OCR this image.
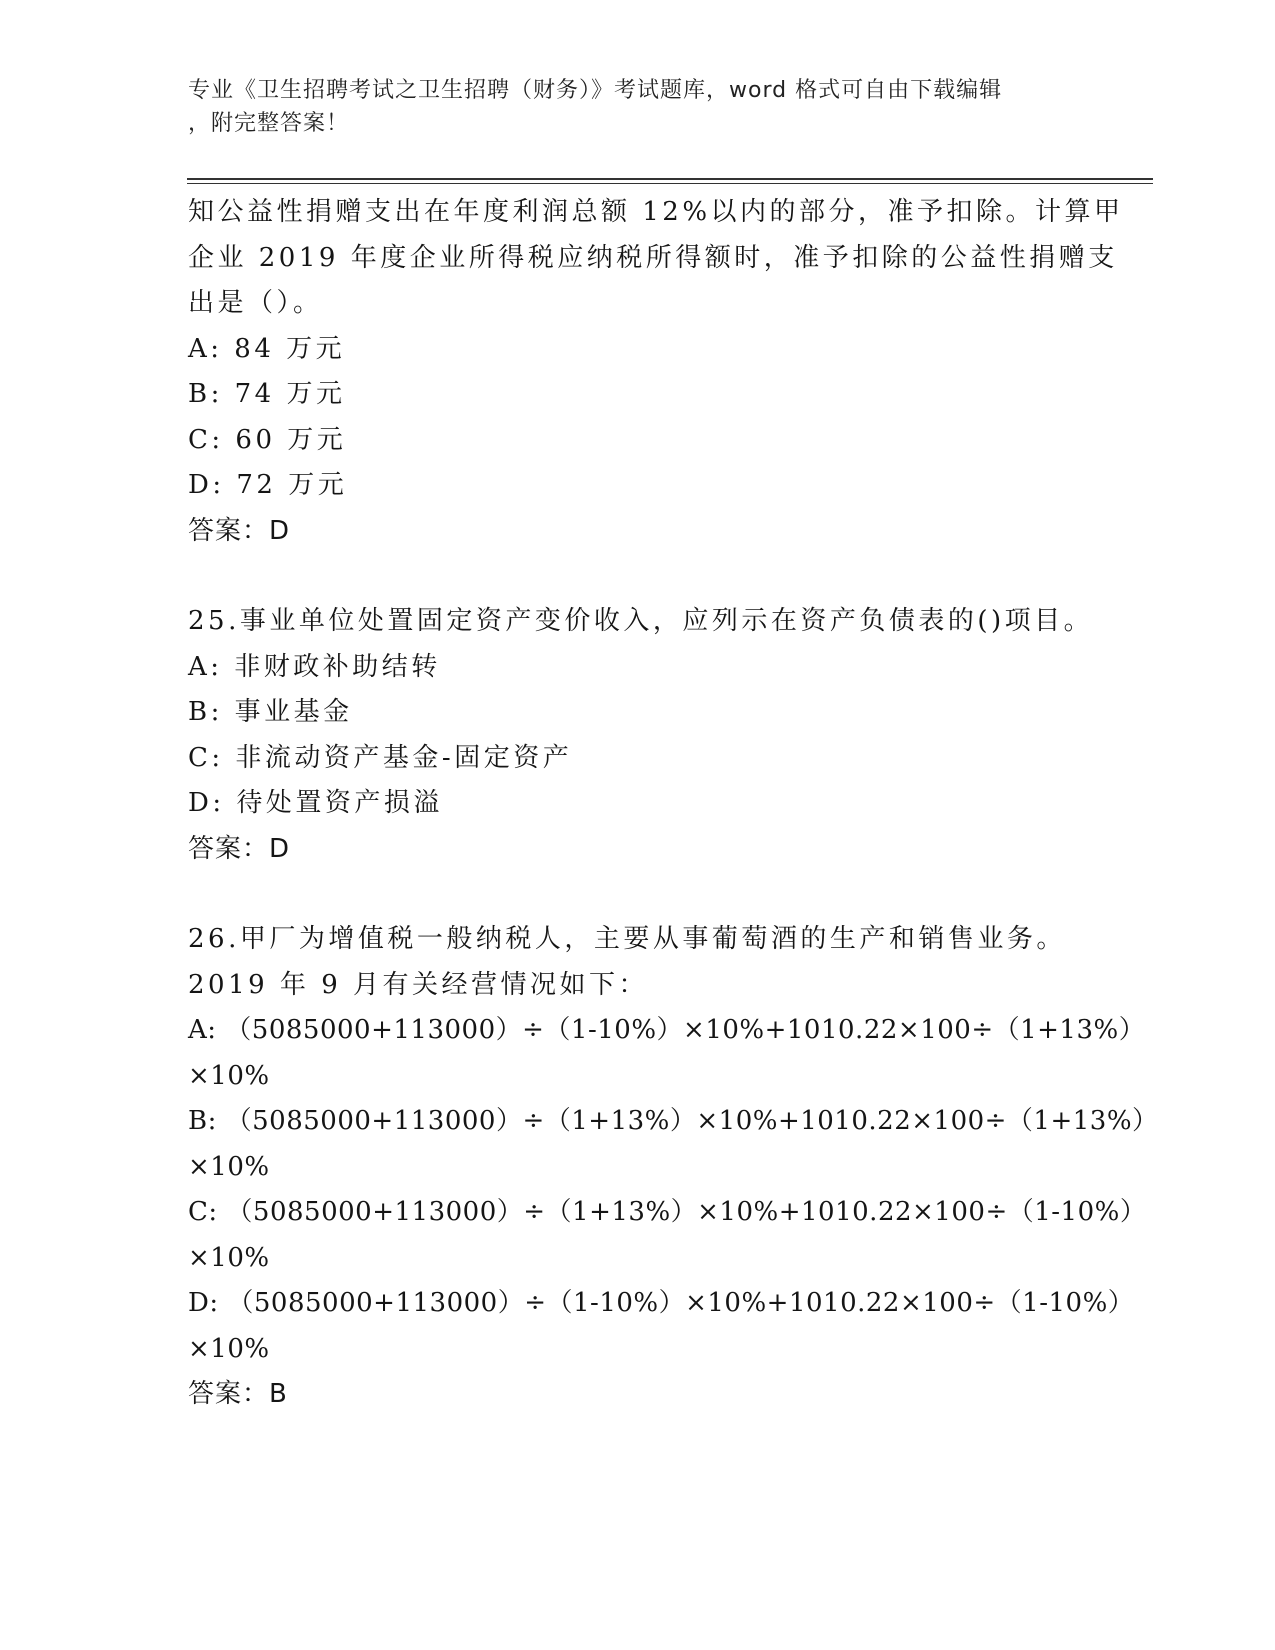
专业《卫生招聘考试之卫生招聘（财务）》考试题库，word 格式可自由下载编辑
，附完整答案！
知公益性捐赠支出在年度利润总额 12%以内的部分，准予扣除。计算甲
企业 2019 年度企业所得税应纳税所得额时，准予扣除的公益性捐赠支
出是（）。
A: 84 万元
B: 74 万元
C: 60 万元
D: 72 万元
答案：D
25.事业单位处置固定资产变价收入，应列示在资产负债表的()项目。
A: 非财政补助结转
B: 事业基金
C: 非流动资产基金-固定资产
D: 待处置资产损溢
答案：D
26.甲厂为增值税一般纳税人，主要从事葡萄酒的生产和销售业务。
2019 年 9 月有关经营情况如下：
A: （5085000+113000）÷（1-10%）×10%+1010.22×100÷（1+13%）
×10%
B: （5085000+113000）÷（1+13%）×10%+1010.22×100÷（1+13%）
×10%
C: （5085000+113000）÷（1+13%）×10%+1010.22×100÷（1-10%）
×10%
D: （5085000+113000）÷（1-10%）×10%+1010.22×100÷（1-10%）
×10%
答案：B
